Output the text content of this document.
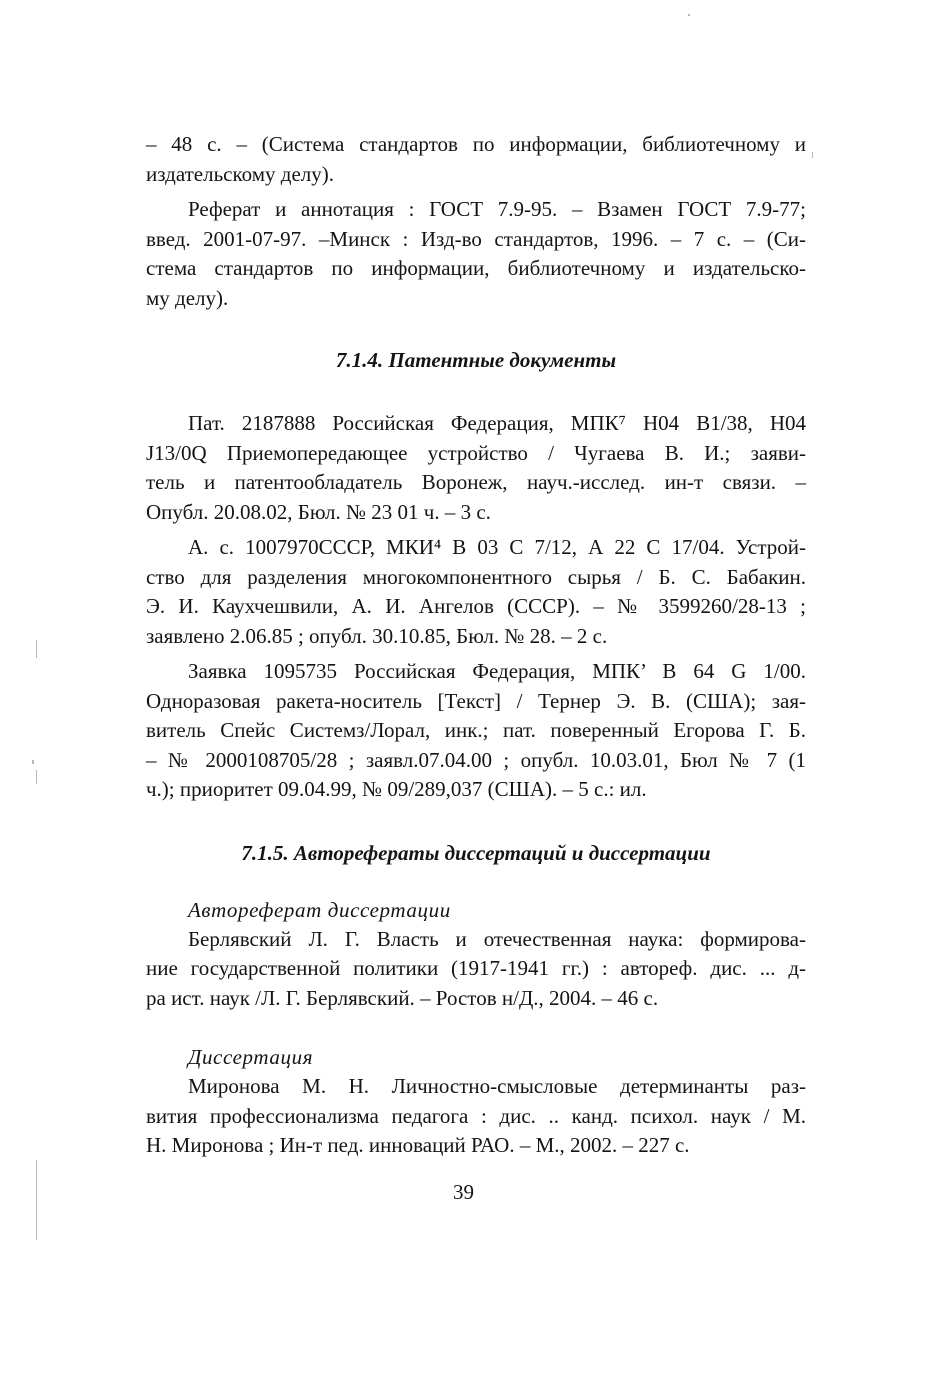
– 48 с. – (Система стандартов по информации, библиотечному и
издательскому делу).
Реферат и аннотация : ГОСТ 7.9-95. – Взамен ГОСТ 7.9-77;
введ. 2001-07-97. –Минск : Изд-во стандартов, 1996. – 7 с. – (Си-
стема стандартов по информации, библиотечному и издательско-
му делу).
7.1.4. Патентные документы
Пат. 2187888 Российская Федерация, МПК⁷ Н04 В1/38, Н04
J13/0Q Приемопередающее устройство / Чугаева В. И.; заяви-
тель и патентообладатель Воронеж, науч.-исслед. ин-т связи. –
Опубл. 20.08.02, Бюл. № 23 01 ч. – 3 с.
А. с. 1007970СССР, МКИ⁴ В 03 С 7/12, А 22 С 17/04. Устрой-
ство для разделения многокомпонентного сырья / Б. С. Бабакин.
Э. И. Каухчешвили, А. И. Ангелов (СССР). – № 3599260/28-13 ;
заявлено 2.06.85 ; опубл. 30.10.85, Бюл. № 28. – 2 с.
Заявка 1095735 Российская Федерация, МПК’ В 64 G 1/00.
Одноразовая ракета-носитель [Текст] / Тернер Э. В. (США); зая-
витель Спейс Системз/Лорал, инк.; пат. поверенный Егорова Г. Б.
– № 2000108705/28 ; заявл.07.04.00 ; опубл. 10.03.01, Бюл № 7 (1
ч.); приоритет 09.04.99, № 09/289,037 (США). – 5 с.: ил.
7.1.5. Авторефераты диссертаций и диссертации

Автореферат диссертации

Берлявский Л. Г. Власть и отечественная наука: формирова-
ние государственной политики (1917-1941 гг.) : автореф. дис. ... д-
ра ист. наук /Л. Г. Берлявский. – Ростов н/Д., 2004. – 46 с.

Диссертация

Миронова М. Н. Личностно-смысловые детерминанты раз-
вития профессионализма педагога : дис. .. канд. психол. наук / М.
Н. Миронова ; Ин-т пед. инноваций РАО. – М., 2002. – 227 с.
39
